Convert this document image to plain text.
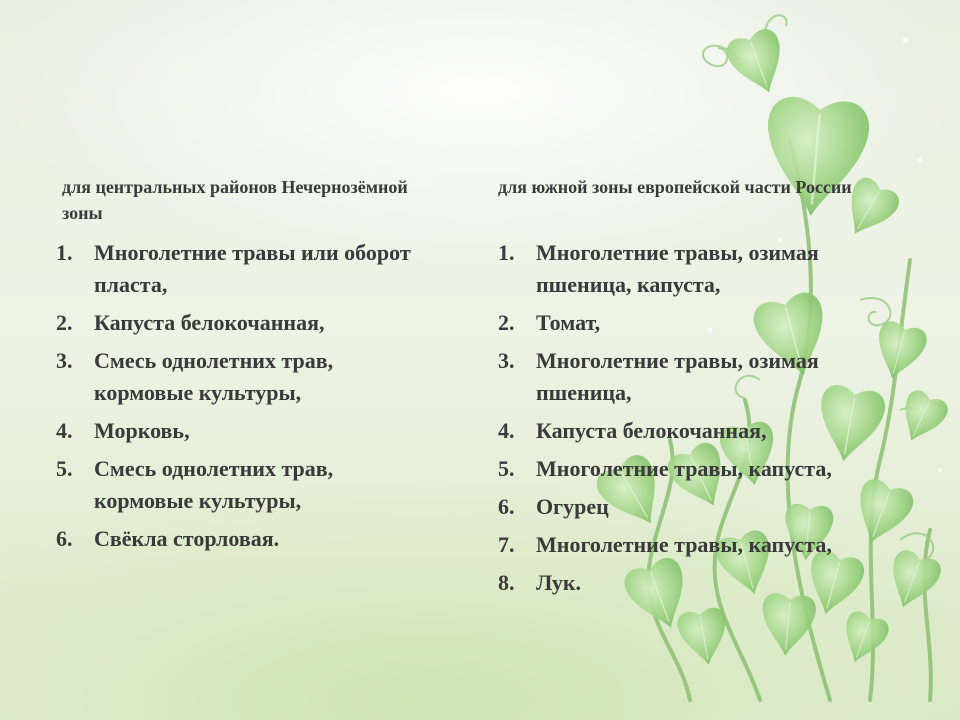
для центральных районов Нечернозёмной зоны
для южной зоны европейской части России
1. Многолетние травы или оборот пласта,
2. Капуста белокочанная,
3. Смесь однолетних трав, кормовые культуры,
4. Морковь,
5. Смесь однолетних трав, кормовые культуры,
6. Свёкла сторловая.
1. Многолетние травы, озимая пшеница, капуста,
2. Томат,
3. Многолетние травы, озимая пшеница,
4. Капуста белокочанная,
5. Многолетние травы, капуста,
6. Огурец
7. Многолетние травы, капуста,
8. Лук.
